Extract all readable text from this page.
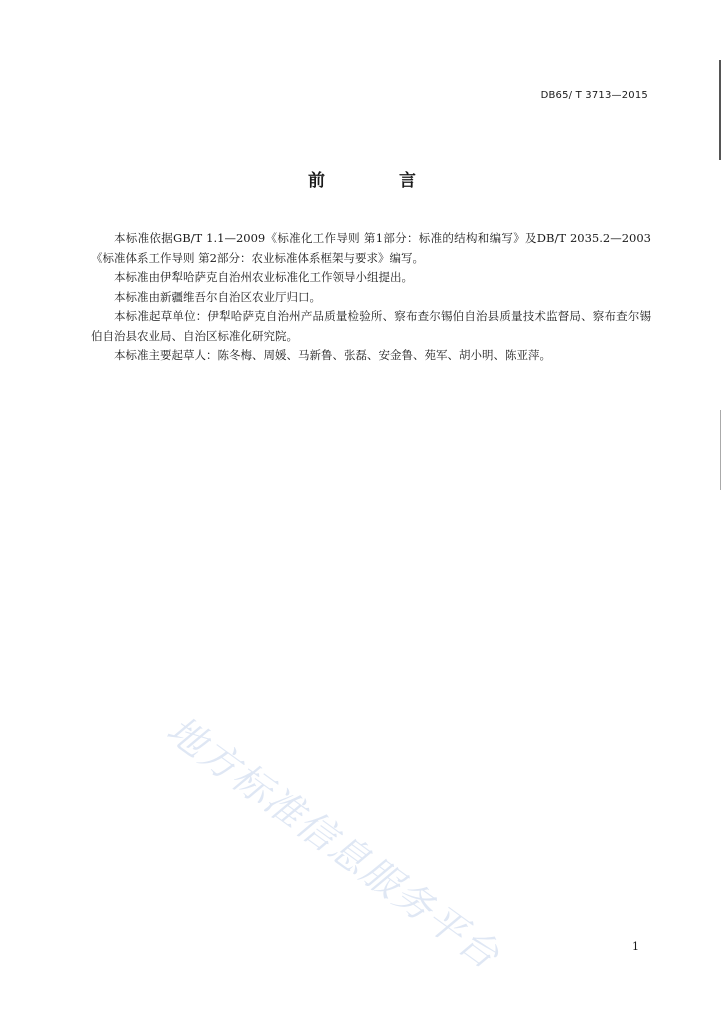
DB65/ T 3713—2015
前 言

本标准依据GB/T 1.1—2009《标准化工作导则 第1部分：标准的结构和编写》及DB/T 2035.2—2003《标准体系工作导则 第2部分：农业标准体系框架与要求》编写。

本标准由伊犁哈萨克自治州农业标准化工作领导小组提出。

本标准由新疆维吾尔自治区农业厅归口。

本标准起草单位：伊犁哈萨克自治州产品质量检验所、察布查尔锡伯自治县质量技术监督局、察布查尔锡伯自治县农业局、自治区标准化研究院。

本标准主要起草人：陈冬梅、周媛、马新鲁、张磊、安金鲁、苑军、胡小明、陈亚萍。

地方标准信息服务平台	1
